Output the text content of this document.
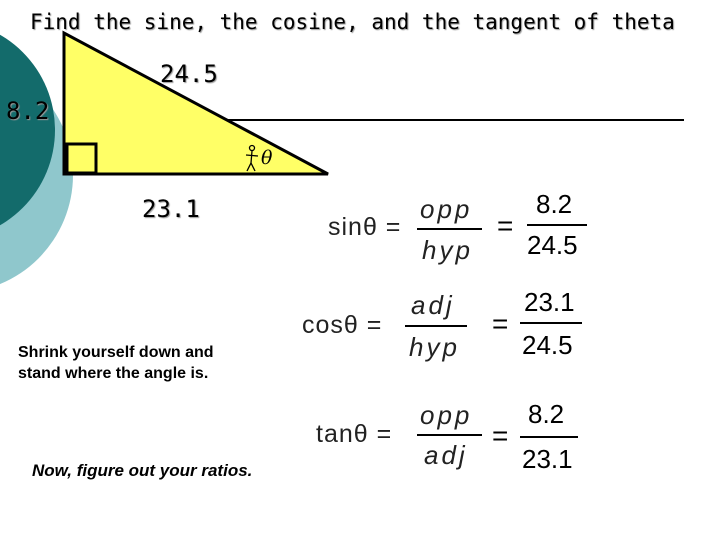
Find the sine, the cosine, and the tangent of theta
24.5
8.2
23.1
θ
Shrink yourself down and stand where the angle is.
Now, figure out your ratios.
sinθ =
opp
hyp
=
8.2
24.5
cosθ =
adj
hyp
=
23.1
24.5
tanθ =
opp
adj
=
8.2
23.1
